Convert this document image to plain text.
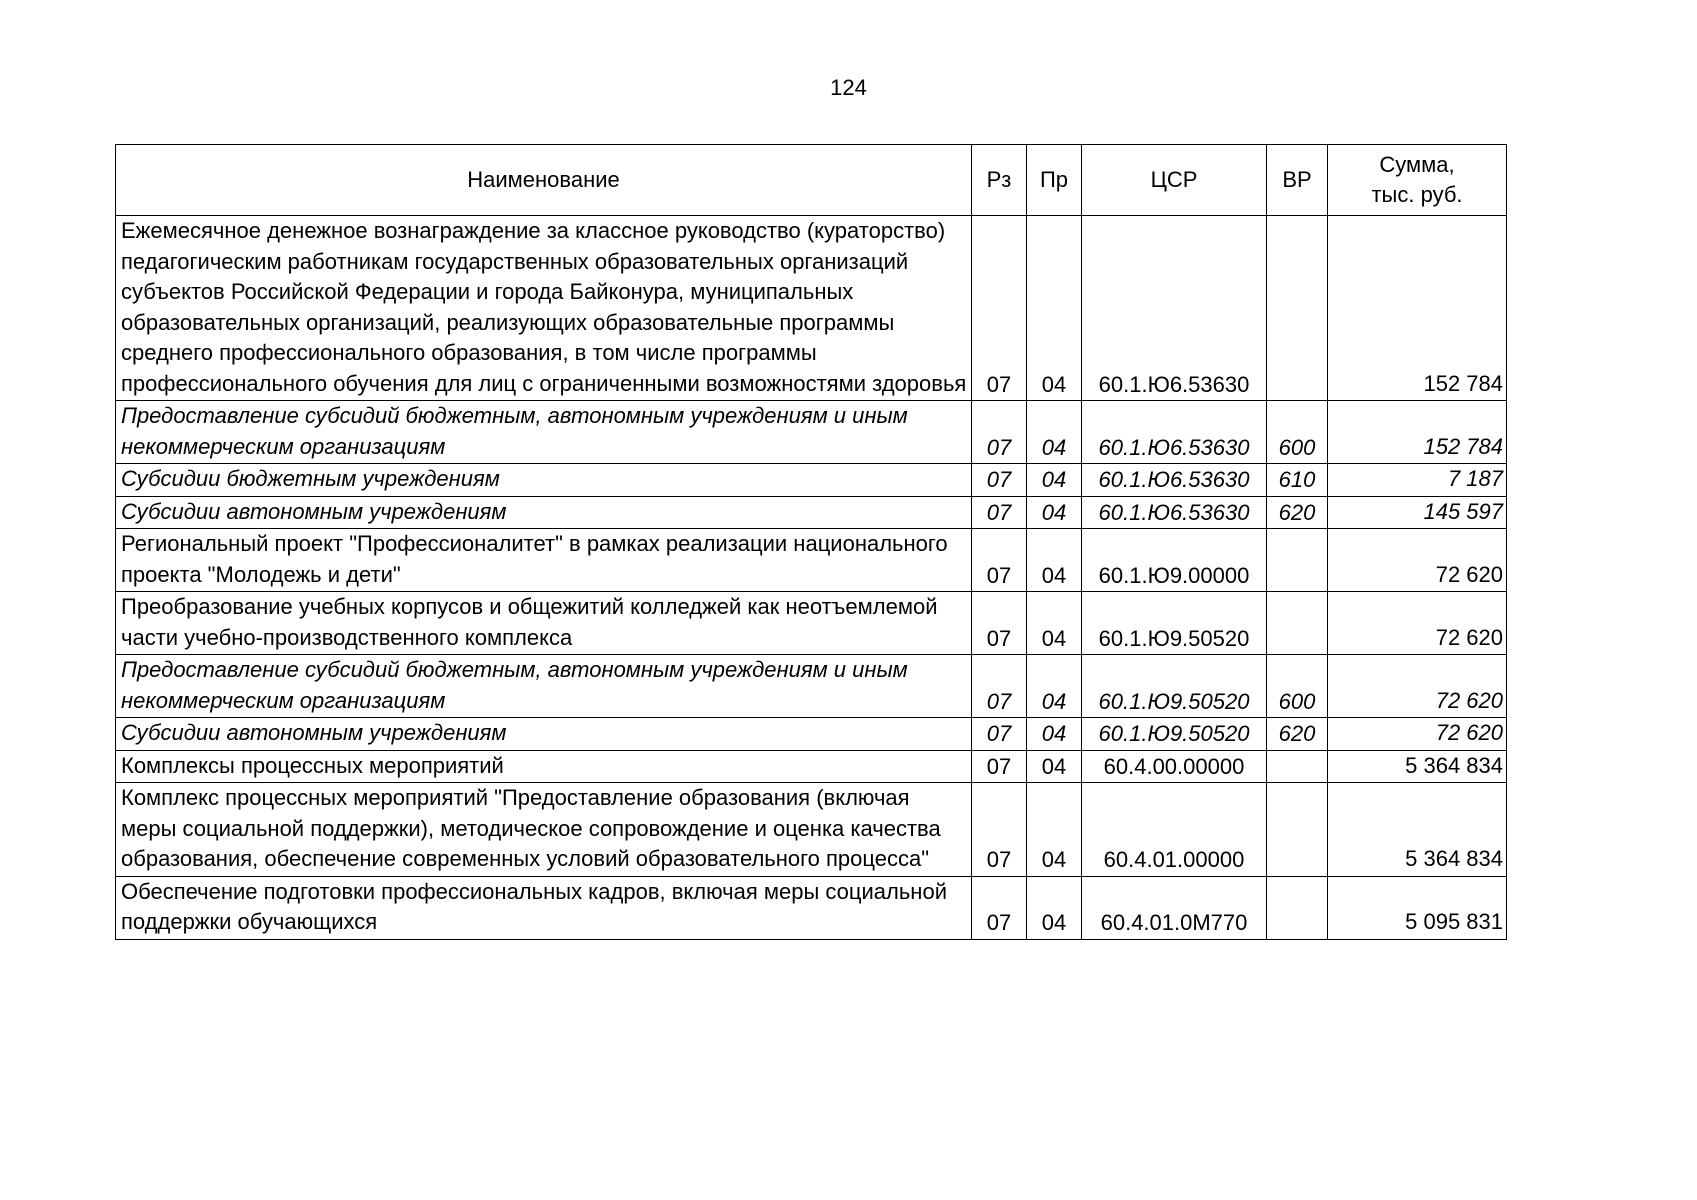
124
Наименование	Рз	Пр	ЦСР	ВР	Сумма,
тыс. руб.
Ежемесячное денежное вознаграждение за классное руководство (кураторство) педагогическим работникам государственных образовательных организаций субъектов Российской Федерации и города Байконура, муниципальных образовательных организаций, реализующих образовательные программы среднего профессионального образования, в том числе программы профессионального обучения для лиц с ограниченными возможностями здоровья	07	04	60.1.Ю6.53630		152 784
Предоставление субсидий бюджетным, автономным учреждениям и иным некоммерческим организациям	07	04	60.1.Ю6.53630	600	152 784
Субсидии бюджетным учреждениям	07	04	60.1.Ю6.53630	610	7 187
Субсидии автономным учреждениям	07	04	60.1.Ю6.53630	620	145 597
Региональный проект "Профессионалитет" в рамках реализации национального проекта "Молодежь и дети"	07	04	60.1.Ю9.00000		72 620
Преобразование учебных корпусов и общежитий колледжей как неотъемлемой части учебно-производственного комплекса	07	04	60.1.Ю9.50520		72 620
Предоставление субсидий бюджетным, автономным учреждениям и иным некоммерческим организациям	07	04	60.1.Ю9.50520	600	72 620
Субсидии автономным учреждениям	07	04	60.1.Ю9.50520	620	72 620
Комплексы процессных мероприятий	07	04	60.4.00.00000		5 364 834
Комплекс процессных мероприятий "Предоставление образования (включая меры социальной поддержки), методическое сопровождение и оценка качества образования, обеспечение современных условий образовательного процесса"	07	04	60.4.01.00000		5 364 834
Обеспечение подготовки профессиональных кадров, включая меры социальной поддержки обучающихся	07	04	60.4.01.0М770		5 095 831
